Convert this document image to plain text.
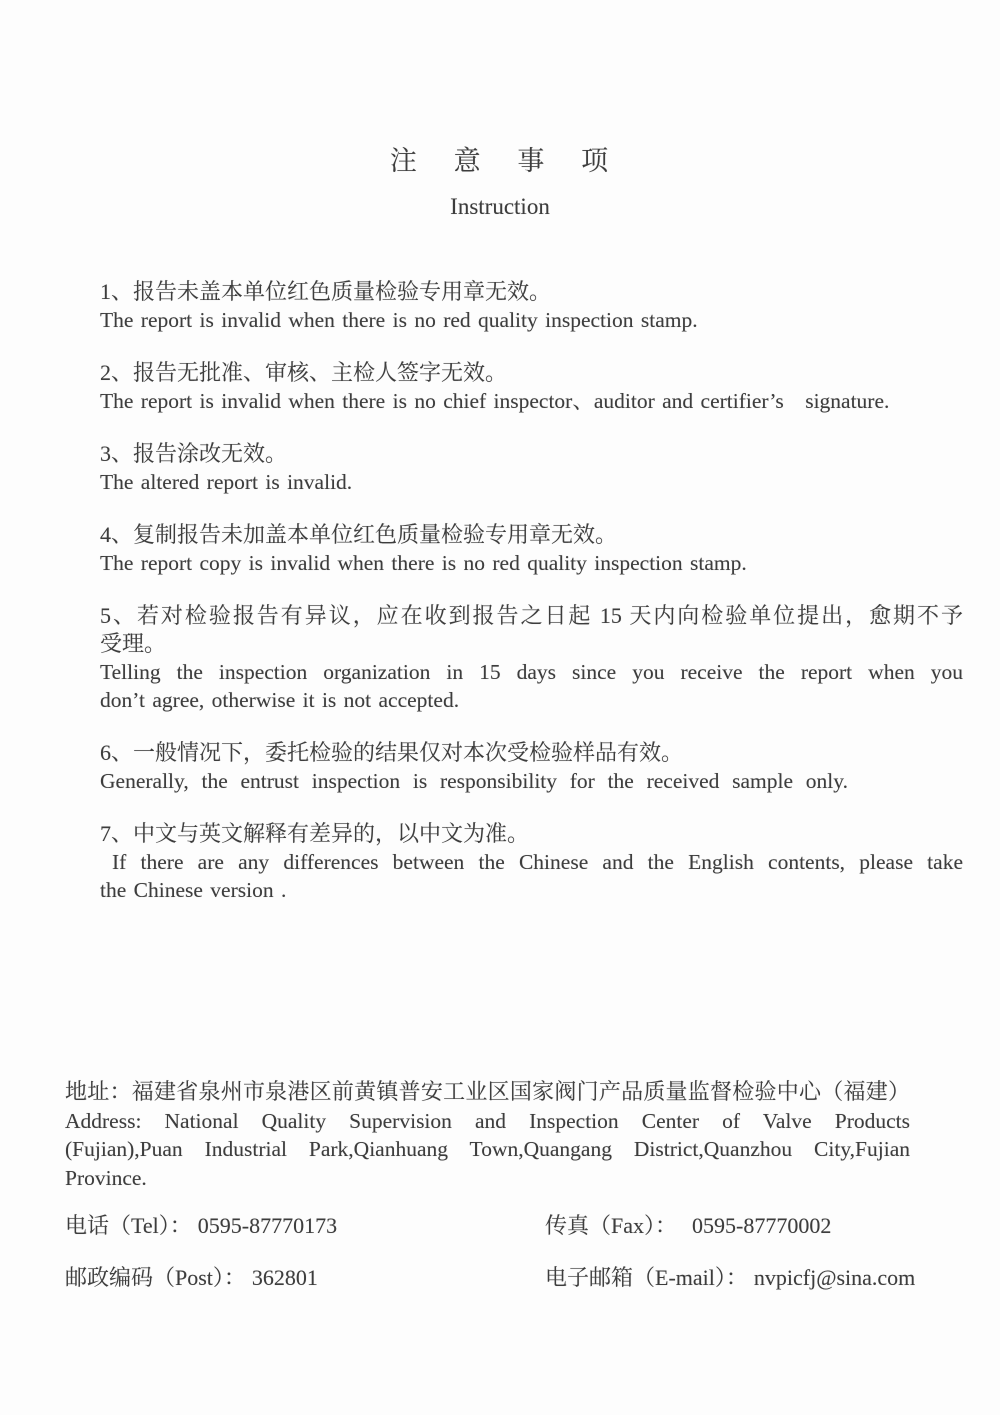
注 意 事 项
Instruction
1、报告未盖本单位红色质量检验专用章无效。
The report is invalid when there is no red quality inspection stamp.
2、报告无批准、审核、主检人签字无效。
The report is invalid when there is no chief inspector、auditor and certifier’s　signature.
3、报告涂改无效。
The altered report is invalid.
4、复制报告未加盖本单位红色质量检验专用章无效。
The report copy is invalid when there is no red quality inspection stamp.
5、若对检验报告有异议，应在收到报告之日起 15 天内向检验单位提出，愈期不予
受理。
Telling the inspection organization in 15 days since you receive the report when you
don’t agree, otherwise it is not accepted.
6、一般情况下，委托检验的结果仅对本次受检验样品有效。
Generally, the entrust inspection is responsibility for the received sample only.
7、中文与英文解释有差异的，以中文为准。
If there are any differences between the Chinese and the English contents, please take
the Chinese version .
地址：福建省泉州市泉港区前黄镇普安工业区国家阀门产品质量监督检验中心（福建）
Address: National Quality Supervision and Inspection Center of Valve Products
(Fujian),Puan Industrial Park,Qianhuang Town,Quangang District,Quanzhou City,Fujian
Province.
电话（Tel）： 0595-87770173	传真（Fax）： 0595-87770002
邮政编码（Post）： 362801	电子邮箱（E-mail）： nvpicfj@sina.com
